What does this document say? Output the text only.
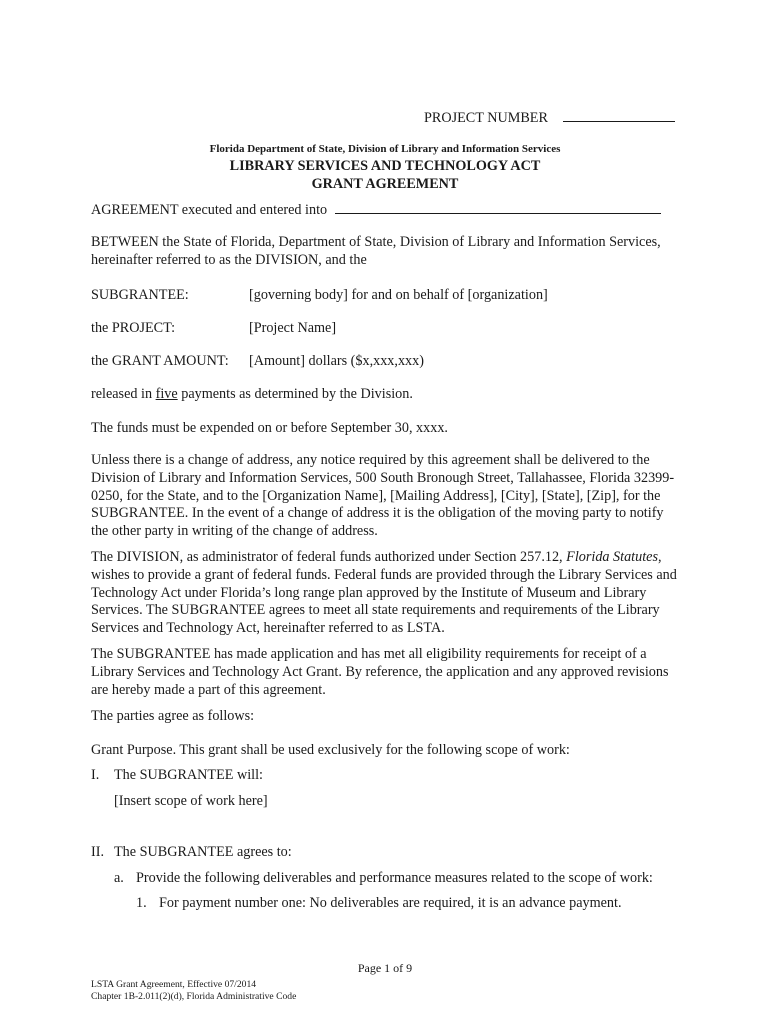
PROJECT NUMBER
Florida Department of State, Division of Library and Information Services
LIBRARY SERVICES AND TECHNOLOGY ACT
GRANT AGREEMENT
AGREEMENT executed and entered into
BETWEEN the State of Florida, Department of State, Division of Library and Information Services, hereinafter referred to as the DIVISION, and the
SUBGRANTEE:	[governing body] for and on behalf of [organization]
the PROJECT:	[Project Name]
the GRANT AMOUNT: [Amount] dollars ($x,xxx,xxx)
released in five payments as determined by the Division.
The funds must be expended on or before September 30, xxxx.
Unless there is a change of address, any notice required by this agreement shall be delivered to the Division of Library and Information Services, 500 South Bronough Street, Tallahassee, Florida 32399-0250, for the State, and to the [Organization Name], [Mailing Address], [City], [State], [Zip], for the SUBGRANTEE. In the event of a change of address it is the obligation of the moving party to notify the other party in writing of the change of address.
The DIVISION, as administrator of federal funds authorized under Section 257.12, Florida Statutes, wishes to provide a grant of federal funds. Federal funds are provided through the Library Services and Technology Act under Florida’s long range plan approved by the Institute of Museum and Library Services. The SUBGRANTEE agrees to meet all state requirements and requirements of the Library Services and Technology Act, hereinafter referred to as LSTA.
The SUBGRANTEE has made application and has met all eligibility requirements for receipt of a Library Services and Technology Act Grant. By reference, the application and any approved revisions are hereby made a part of this agreement.
The parties agree as follows:
Grant Purpose. This grant shall be used exclusively for the following scope of work:
I. The SUBGRANTEE will:
[Insert scope of work here]
II. The SUBGRANTEE agrees to:
a. Provide the following deliverables and performance measures related to the scope of work:
1. For payment number one: No deliverables are required, it is an advance payment.
Page 1 of 9
LSTA Grant Agreement, Effective 07/2014
Chapter 1B-2.011(2)(d), Florida Administrative Code
